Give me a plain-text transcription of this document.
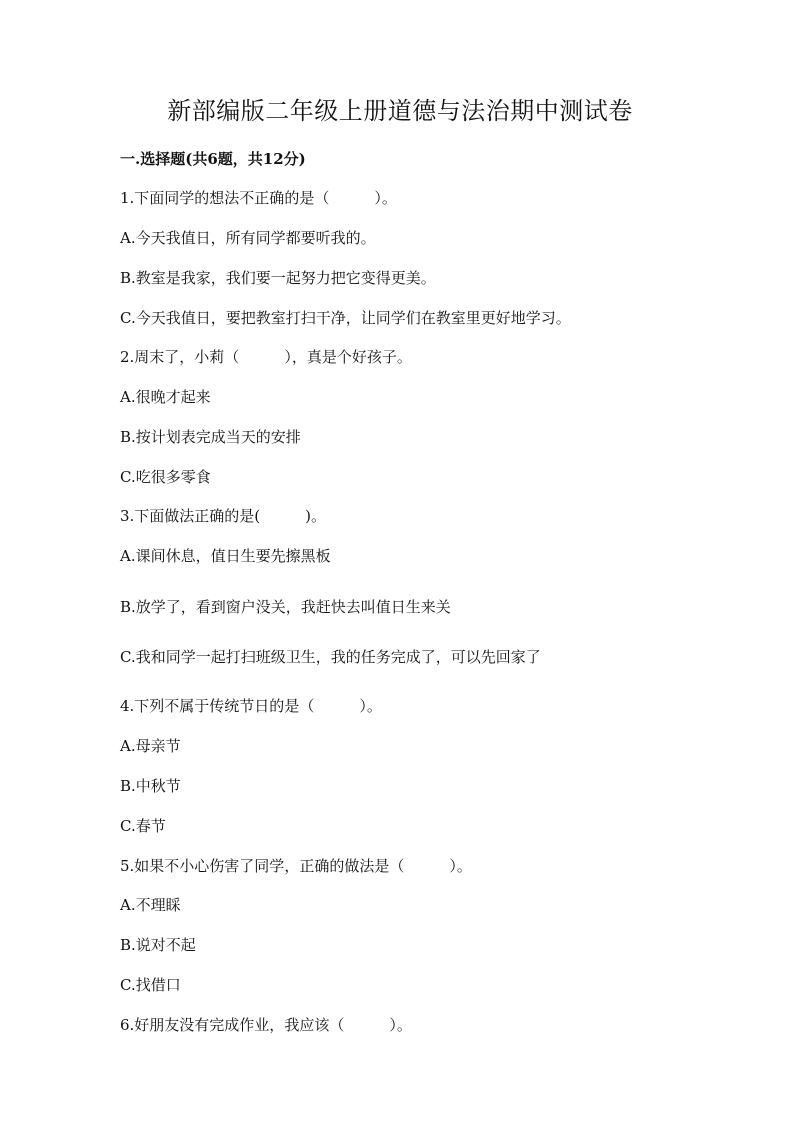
新部编版二年级上册道德与法治期中测试卷
一.选择题(共6题，共12分)
1.下面同学的想法不正确的是（　　　）。
A.今天我值日，所有同学都要听我的。
B.教室是我家，我们要一起努力把它变得更美。
C.今天我值日，要把教室打扫干净，让同学们在教室里更好地学习。
2.周末了，小莉（　　　），真是个好孩子。
A.很晚才起来
B.按计划表完成当天的安排
C.吃很多零食
3.下面做法正确的是(　　　)。
A.课间休息，值日生要先擦黑板
B.放学了，看到窗户没关，我赶快去叫值日生来关
C.我和同学一起打扫班级卫生，我的任务完成了，可以先回家了
4.下列不属于传统节日的是（　　　）。
A.母亲节
B.中秋节
C.春节
5.如果不小心伤害了同学，正确的做法是（　　　）。
A.不理睬
B.说对不起
C.找借口
6.好朋友没有完成作业，我应该（　　　）。
